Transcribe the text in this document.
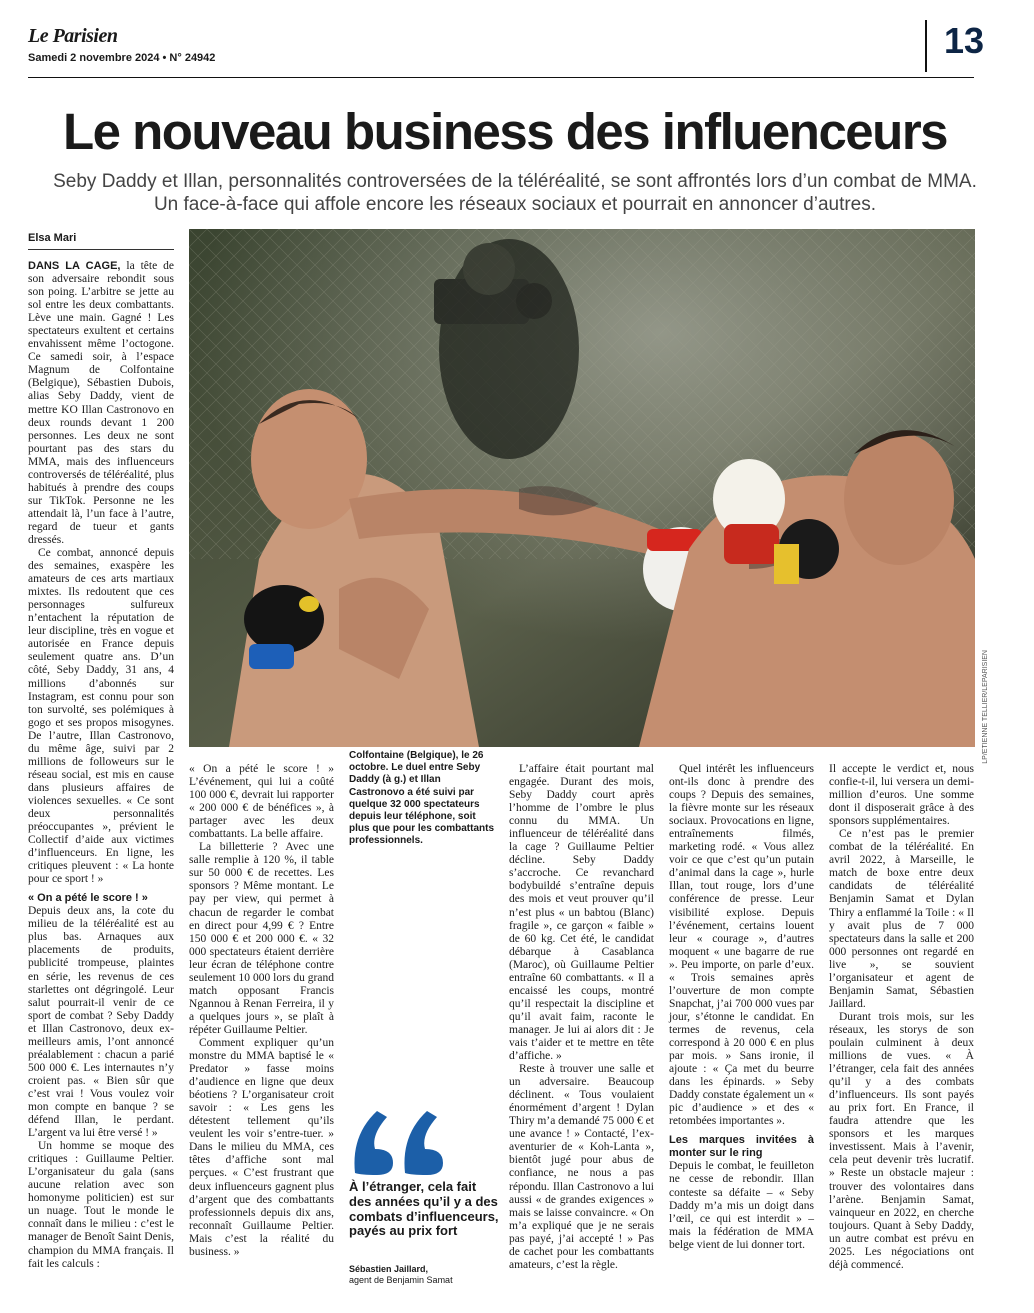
Le Parisien
Samedi 2 novembre 2024 • N° 24942	13
Le nouveau business des influenceurs
Seby Daddy et Illan, personnalités controversées de la téléréalité, se sont affrontés lors d’un combat de MMA. Un face-à-face qui affole encore les réseaux sociaux et pourrait en annoncer d’autres.
Elsa Mari
LP/ETIENNE TELLIER/LEPARISIEN

DANS LA CAGE, la tête de son adversaire rebondit sous son poing. L’arbitre se jette au sol entre les deux combattants. Lève une main. Gagné ! Les spectateurs exultent et certains envahissent même l’octogone. Ce samedi soir, à l’espace Magnum de Colfontaine (Belgique), Sébastien Dubois, alias Seby Daddy, vient de mettre KO Illan Castronovo en deux rounds devant 1 200 personnes. Les deux ne sont pourtant pas des stars du MMA, mais des influenceurs controversés de téléréalité, plus habitués à prendre des coups sur TikTok. Personne ne les attendait là, l’un face à l’autre, regard de tueur et gants dressés.

Ce combat, annoncé depuis des semaines, exaspère les amateurs de ces arts martiaux mixtes. Ils redoutent que ces personnages sulfureux n’entachent la réputation de leur discipline, très en vogue et autorisée en France depuis seulement quatre ans. D’un côté, Seby Daddy, 31 ans, 4 millions d’abonnés sur Instagram, est connu pour son ton survolté, ses polémiques à gogo et ses propos misogynes. De l’autre, Illan Castronovo, du même âge, suivi par 2 millions de followeurs sur le réseau social, est mis en cause dans plusieurs affaires de violences sexuelles. « Ce sont deux personnalités préoccupantes », prévient le Collectif d’aide aux victimes d’influenceurs. En ligne, les critiques pleuvent : « La honte pour ce sport ! »

« On a pété le score ! »

Depuis deux ans, la cote du milieu de la téléréalité est au plus bas. Arnaques aux placements de produits, publicité trompeuse, plaintes en série, les revenus de ces starlettes ont dégringolé. Leur salut pourrait-il venir de ce sport de combat ? Seby Daddy et Illan Castronovo, deux ex-meilleurs amis, l’ont annoncé préalablement : chacun a parié 500 000 €. Les internautes n’y croient pas. « Bien sûr que c’est vrai ! Vous voulez voir mon compte en banque ? se défend Illan, le perdant. L’argent va lui être versé ! »

Un homme se moque des critiques : Guillaume Peltier. L’organisateur du gala (sans aucune relation avec son homonyme politicien) est sur un nuage. Tout le monde le connaît dans le milieu : c’est le manager de Benoît Saint Denis, champion du MMA français. Il fait les calculs :

« On a pété le score ! » L’événement, qui lui a coûté 100 000 €, devrait lui rapporter « 200 000 € de bénéfices », à partager avec les deux combattants. La belle affaire.

La billetterie ? Avec une salle remplie à 120 %, il table sur 50 000 € de recettes. Les sponsors ? Même montant. Le pay per view, qui permet à chacun de regarder le combat en direct pour 4,99 € ? Entre 150 000 € et 200 000 €. « 32 000 spectateurs étaient derrière leur écran de téléphone contre seulement 10 000 lors du grand match opposant Francis Ngannou à Renan Ferreira, il y a quelques jours », se plaît à répéter Guillaume Peltier.

Comment expliquer qu’un monstre du MMA baptisé le « Predator » fasse moins d’audience en ligne que deux béotiens ? L’organisateur croit savoir : « Les gens les détestent tellement qu’ils veulent les voir s’entre-tuer. » Dans le milieu du MMA, ces têtes d’affiche sont mal perçues. « C’est frustrant que deux influenceurs gagnent plus d’argent que des combattants professionnels depuis dix ans, reconnaît Guillaume Peltier. Mais c’est la réalité du business. »

Colfontaine (Belgique), le 26 octobre. Le duel entre Seby Daddy (à g.) et Illan Castronovo a été suivi par quelque 32 000 spectateurs depuis leur téléphone, soit plus que pour les combattants professionnels.
À l’étranger, cela fait des années qu’il y a des combats d’influenceurs, payés au prix fort
Sébastien Jaillard,
agent de Benjamin Samat

L’affaire était pourtant mal engagée. Durant des mois, Seby Daddy court après l’homme de l’ombre le plus connu du MMA. Un influenceur de téléréalité dans la cage ? Guillaume Peltier décline. Seby Daddy s’accroche. Ce revanchard bodybuildé s’entraîne depuis des mois et veut prouver qu’il n’est plus « un babtou (Blanc) fragile », ce garçon « faible » de 60 kg. Cet été, le candidat débarque à Casablanca (Maroc), où Guillaume Peltier entraîne 60 combattants. « Il a encaissé les coups, montré qu’il respectait la discipline et qu’il avait faim, raconte le manager. Je lui ai alors dit : Je vais t’aider et te mettre en tête d’affiche. »

Reste à trouver une salle et un adversaire. Beaucoup déclinent. « Tous voulaient énormément d’argent ! Dylan Thiry m’a demandé 75 000 € et une avance ! » Contacté, l’ex-aventurier de « Koh-Lanta », bientôt jugé pour abus de confiance, ne nous a pas répondu. Illan Castronovo a lui aussi « de grandes exigences » mais se laisse convaincre. « On m’a expliqué que je ne serais pas payé, j’ai accepté ! » Pas de cachet pour les combattants amateurs, c’est la règle.

Quel intérêt les influenceurs ont-ils donc à prendre des coups ? Depuis des semaines, la fièvre monte sur les réseaux sociaux. Provocations en ligne, entraînements filmés, marketing rodé. « Vous allez voir ce que c’est qu’un putain d’animal dans la cage », hurle Illan, tout rouge, lors d’une conférence de presse. Leur visibilité explose. Depuis l’événement, certains louent leur « courage », d’autres moquent « une bagarre de rue ». Peu importe, on parle d’eux. « Trois semaines après l’ouverture de mon compte Snapchat, j’ai 700 000 vues par jour, s’étonne le candidat. En termes de revenus, cela correspond à 20 000 € en plus par mois. » Sans ironie, il ajoute : « Ça met du beurre dans les épinards. » Seby Daddy constate également un « pic d’audience » et des « retombées importantes ».

Les marques invitées à monter sur le ring

Depuis le combat, le feuilleton ne cesse de rebondir. Illan conteste sa défaite – « Seby Daddy m’a mis un doigt dans l’œil, ce qui est interdit » – mais la fédération de MMA belge vient de lui donner tort.

Il accepte le verdict et, nous confie-t-il, lui versera un demi-million d’euros. Une somme dont il disposerait grâce à des sponsors supplémentaires.

Ce n’est pas le premier combat de la téléréalité. En avril 2022, à Marseille, le match de boxe entre deux candidats de téléréalité Benjamin Samat et Dylan Thiry a enflammé la Toile : « Il y avait plus de 7 000 spectateurs dans la salle et 200 000 personnes ont regardé en live », se souvient l’organisateur et agent de Benjamin Samat, Sébastien Jaillard.

Durant trois mois, sur les réseaux, les storys de son poulain culminent à deux millions de vues. « À l’étranger, cela fait des années qu’il y a des combats d’influenceurs. Ils sont payés au prix fort. En France, il faudra attendre que les sponsors et les marques investissent. Mais à l’avenir, cela peut devenir très lucratif. » Reste un obstacle majeur : trouver des volontaires dans l’arène. Benjamin Samat, vainqueur en 2022, en cherche toujours. Quant à Seby Daddy, un autre combat est prévu en 2025. Les négociations ont déjà commencé.
